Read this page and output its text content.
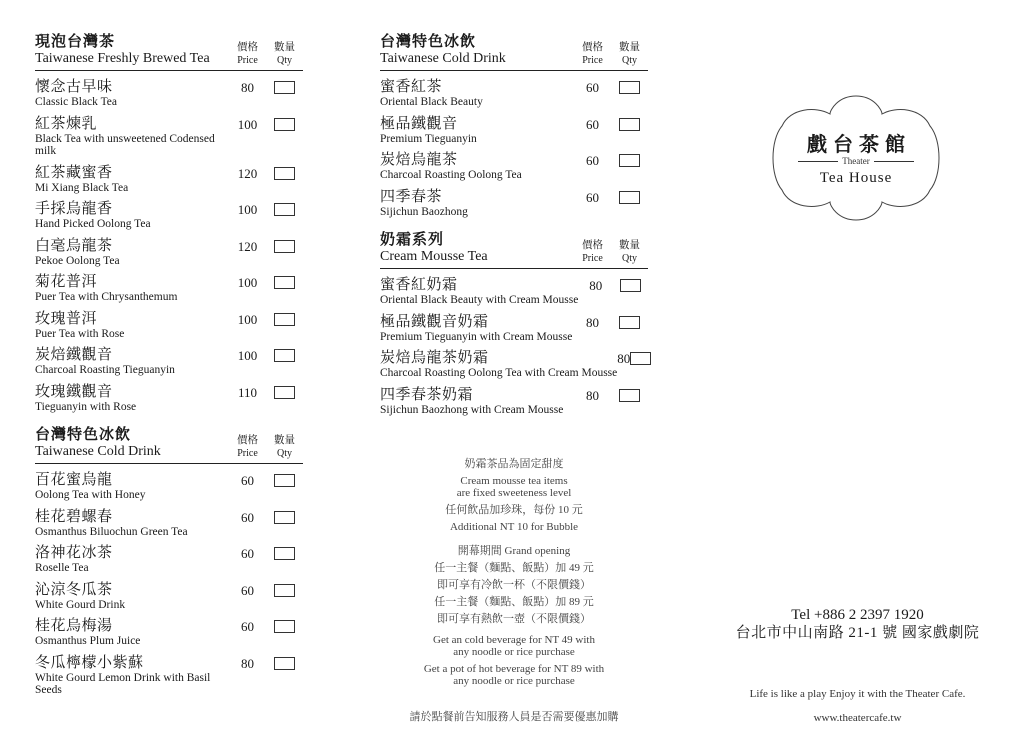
現泡台灣茶
Taiwanese Freshly Brewed Tea
價格
Price
數量
Qty
懷念古早味
Classic Black Tea
80
紅茶煉乳
Black Tea with unsweetened Codensed milk
100
紅茶藏蜜香
Mi Xiang Black Tea
120
手採烏龍香
Hand Picked Oolong Tea
100
白毫烏龍茶
Pekoe Oolong Tea
120
菊花普洱
Puer Tea with Chrysanthemum
100
玫瑰普洱
Puer Tea with Rose
100
炭焙鐵觀音
Charcoal Roasting Tieguanyin
100
玫瑰鐵觀音
Tieguanyin with Rose
110
台灣特色冰飲
Taiwanese Cold Drink
價格
Price
數量
Qty
百花蜜烏龍
Oolong Tea with Honey
60
桂花碧螺春
Osmanthus Biluochun Green Tea
60
洛神花冰茶
Roselle Tea
60
沁涼冬瓜茶
White Gourd Drink
60
桂花烏梅湯
Osmanthus Plum Juice
60
冬瓜檸檬小紫蘇
White Gourd Lemon Drink with Basil Seeds
80
台灣特色冰飲
Taiwanese Cold Drink
價格
Price
數量
Qty
蜜香紅茶
Oriental Black Beauty
60
極品鐵觀音
Premium Tieguanyin
60
炭焙烏龍茶
Charcoal Roasting Oolong Tea
60
四季春茶
Sijichun Baozhong
60
奶霜系列
Cream Mousse Tea
價格
Price
數量
Qty
蜜香紅奶霜
Oriental Black Beauty with Cream Mousse
80
極品鐵觀音奶霜
Premium Tieguanyin with Cream Mousse
80
炭焙烏龍茶奶霜
Charcoal Roasting Oolong Tea with Cream Mousse
80
四季春茶奶霜
Sijichun Baozhong with Cream Mousse
80

奶霜茶品為固定甜度

Cream mousse tea items

are fixed sweeteness level

任何飲品加珍珠，每份 10 元

Additional NT 10 for Bubble

開幕期間 Grand opening

任一主餐（麵點、飯點）加 49 元

即可享有冷飲一杯（不限價錢）

任一主餐（麵點、飯點）加 89 元

即可享有熱飲一壺（不限價錢）

Get an cold beverage for NT 49 with

any noodle or rice purchase

Get a pot of hot beverage for NT 89 with

any noodle or rice purchase

請於點餐前告知服務人員是否需要優惠加購
戲台茶館
Theater
Tea House
Tel +886 2 2397 1920
台北市中山南路 21-1 號 國家戲劇院
Life is like a play Enjoy it with the Theater Cafe.
www.theatercafe.tw
